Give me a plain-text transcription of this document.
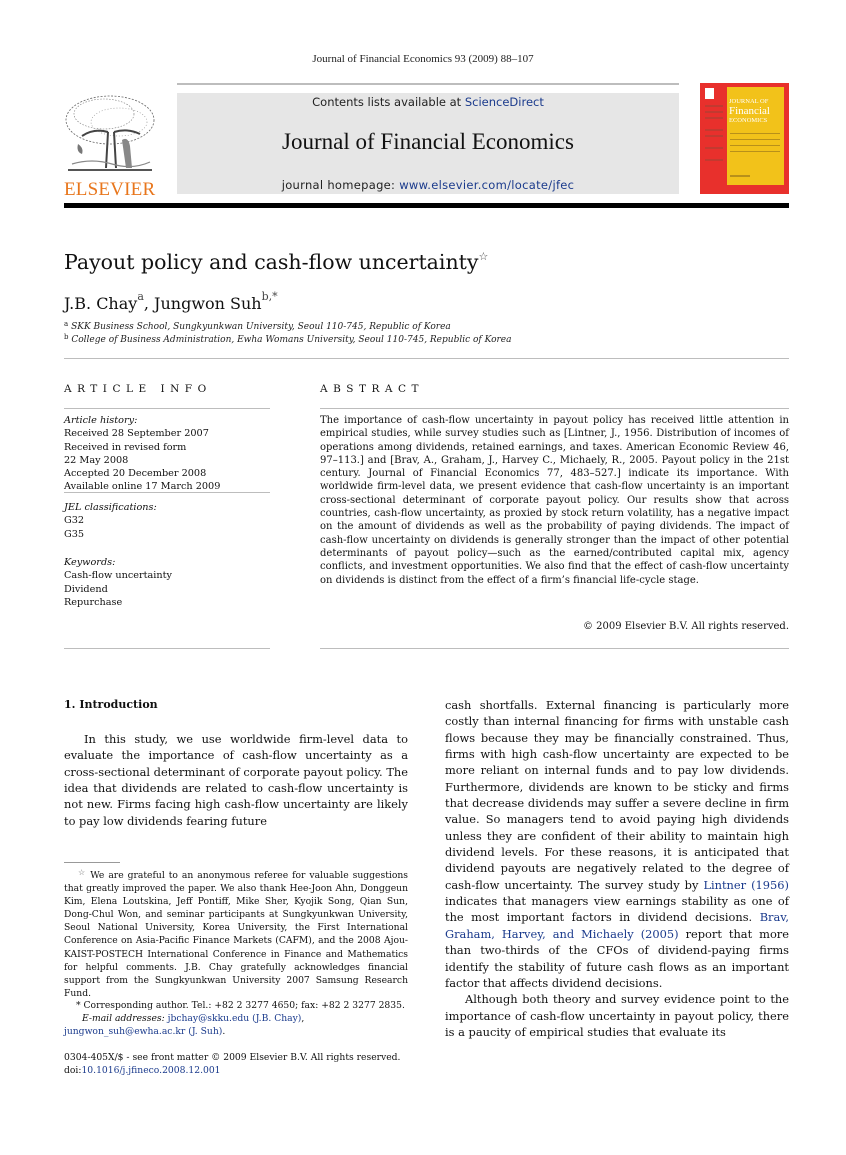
Journal of Financial Economics 93 (2009) 88–107
ELSEVIER
Contents lists available at ScienceDirect
Journal of Financial Economics
journal homepage: www.elsevier.com/locate/jfec
JOURNAL OF
Financial
ECONOMICS
Payout policy and cash-flow uncertainty☆
J.B. Chay$^a$, Jungwon Suh$^{b,*}$
$^a$ SKK Business School, Sungkyunkwan University, Seoul 110-745, Republic of Korea
$^b$ College of Business Administration, Ewha Womans University, Seoul 110-745, Republic of Korea
ARTICLE INFO
Article history:
Received 28 September 2007
Received in revised form
22 May 2008
Accepted 20 December 2008
Available online 17 March 2009
JEL classifications:
G32
G35
Keywords:
Cash-flow uncertainty
Dividend
Repurchase
ABSTRACT
The importance of cash-flow uncertainty in payout policy has received little attention in empirical studies, while survey studies such as [Lintner, J., 1956. Distribution of incomes of operations among dividends, retained earnings, and taxes. American Economic Review 46, 97–113.] and [Brav, A., Graham, J., Harvey C., Michaely, R., 2005. Payout policy in the 21st century. Journal of Financial Economics 77, 483–527.] indicate its importance. With worldwide firm-level data, we present evidence that cash-flow uncertainty is an important cross-sectional determinant of corporate payout policy. Our results show that across countries, cash-flow uncertainty, as proxied by stock return volatility, has a negative impact on the amount of dividends as well as the probability of paying dividends. The impact of cash-flow uncertainty on dividends is generally stronger than the impact of other potential determinants of payout policy—such as the earned/contributed capital mix, agency conflicts, and investment opportunities. We also find that the effect of cash-flow uncertainty on dividends is distinct from the effect of a firm’s financial life-cycle stage.
© 2009 Elsevier B.V. All rights reserved.
1. Introduction
In this study, we use worldwide firm-level data to evaluate the importance of cash-flow uncertainty as a cross-sectional determinant of corporate payout policy. The idea that dividends are related to cash-flow uncertainty is not new. Firms facing high cash-flow uncertainty are likely to pay low dividends fearing future
cash shortfalls. External financing is particularly more costly than internal financing for firms with unstable cash flows because they may be financially constrained. Thus, firms with high cash-flow uncertainty are expected to be more reliant on internal funds and to pay low dividends. Furthermore, dividends are known to be sticky and firms that decrease dividends may suffer a severe decline in firm value. So managers tend to avoid paying high dividends unless they are confident of their ability to maintain high dividend levels. For these reasons, it is anticipated that dividend payouts are negatively related to the degree of cash-flow uncertainty. The survey study by Lintner (1956) indicates that managers view earnings stability as one of the most important factors in dividend decisions. Brav, Graham, Harvey, and Michaely (2005) report that more than two-thirds of the CFOs of dividend-paying firms identify the stability of future cash flows as an important factor that affects dividend decisions.
Although both theory and survey evidence point to the importance of cash-flow uncertainty in payout policy, there is a paucity of empirical studies that evaluate its
☆ We are grateful to an anonymous referee for valuable suggestions that greatly improved the paper. We also thank Hee-Joon Ahn, Donggeun Kim, Elena Loutskina, Jeff Pontiff, Mike Sher, Kyojik Song, Qian Sun, Dong-Chul Won, and seminar participants at Sungkyunkwan University, Seoul National University, Korea University, the First International Conference on Asia-Pacific Finance Markets (CAFM), and the 2008 Ajou-KAIST-POSTECH International Conference in Finance and Mathematics for helpful comments. J.B. Chay gratefully acknowledges financial support from the Sungkyunkwan University 2007 Samsung Research Fund.
* Corresponding author. Tel.: +82 2 3277 4650; fax: +82 2 3277 2835.
E-mail addresses: jbchay@skku.edu (J.B. Chay),
jungwon_suh@ewha.ac.kr (J. Suh).
0304-405X/$ - see front matter © 2009 Elsevier B.V. All rights reserved.
doi:10.1016/j.jfineco.2008.12.001
